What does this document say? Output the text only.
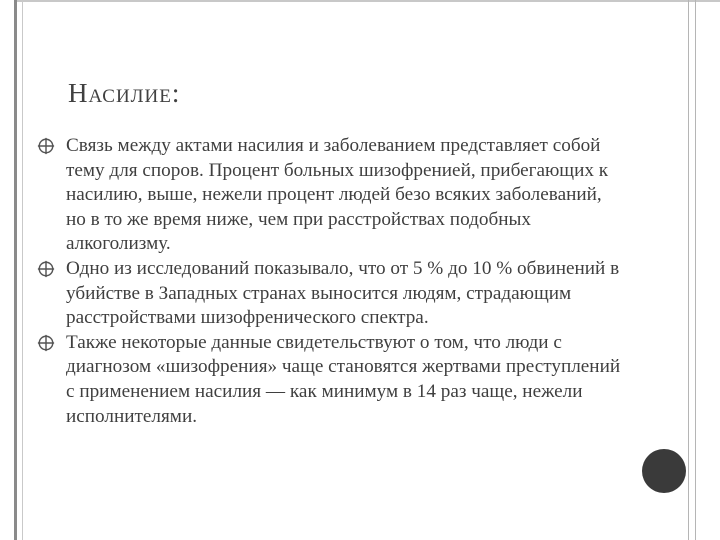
Насилие:

Связь между актами насилия и заболеванием представляет собой тему для споров. Процент больных шизофренией, прибегающих к насилию, выше, нежели процент людей безо всяких заболеваний, но в то же время ниже, чем при расстройствах подобных алкоголизму.

Одно из исследований показывало, что от 5 % до 10 % обвинений в убийстве в Западных странах выносится людям, страдающим расстройствами шизофренического спектра.

Также некоторые данные свидетельствуют о том, что люди с диагнозом «шизофрения» чаще становятся жертвами преступлений с применением насилия — как минимум в 14 раз чаще, нежели исполнителями.
